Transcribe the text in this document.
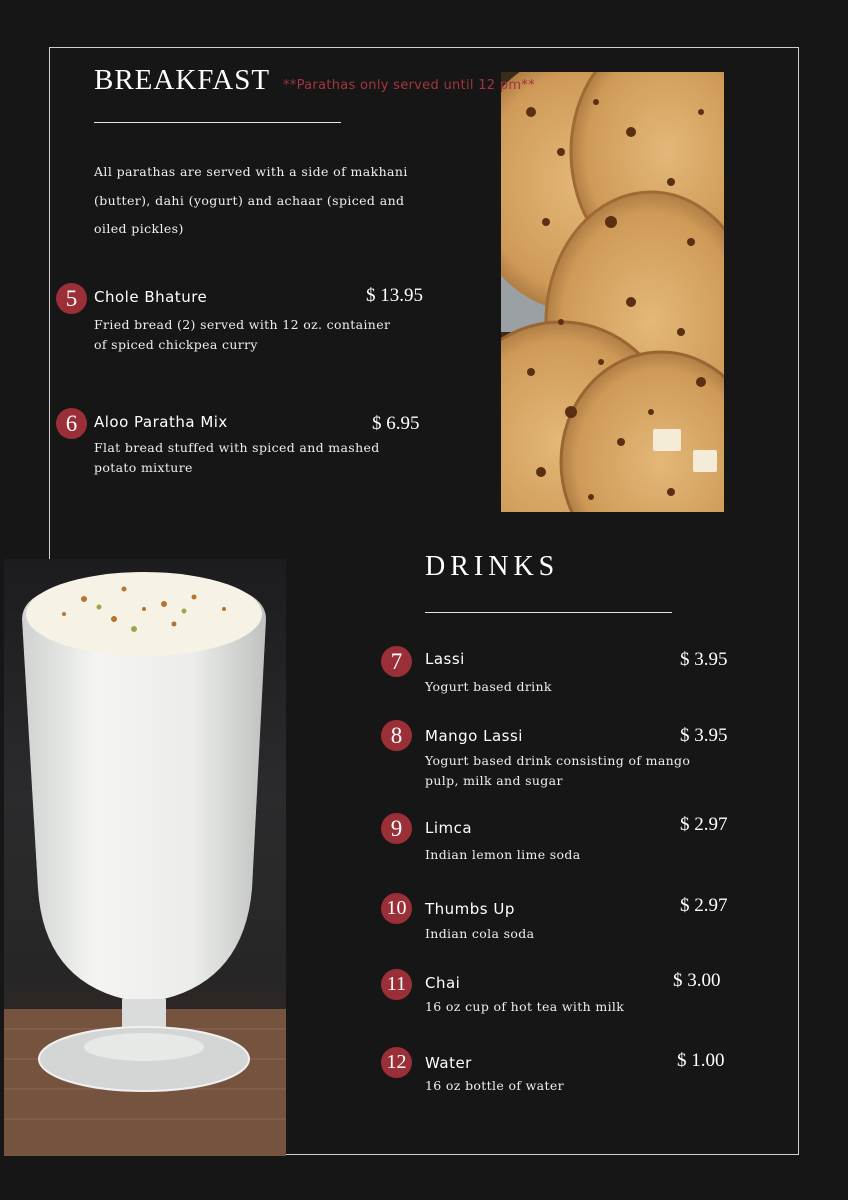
BREAKFAST **Parathas only served until 12 pm**
All parathas are served with a side of makhani (butter), dahi (yogurt) and achaar (spiced and oiled pickles)
5	Chole Bhature	$ 13.95
Fried bread (2) served with 12 oz. container of spiced chickpea curry
6	Aloo Paratha Mix	$ 6.95
Flat bread stuffed with spiced and mashed potato mixture
DRINKS
7	Lassi	$ 3.95
Yogurt based drink
8	Mango Lassi	$ 3.95
Yogurt based drink consisting of mango pulp, milk and sugar
9	Limca	$ 2.97
Indian lemon lime soda
10	Thumbs Up	$ 2.97
Indian cola soda
11	Chai	$ 3.00
16 oz cup of hot tea with milk
12	Water	$ 1.00
16 oz bottle of water
